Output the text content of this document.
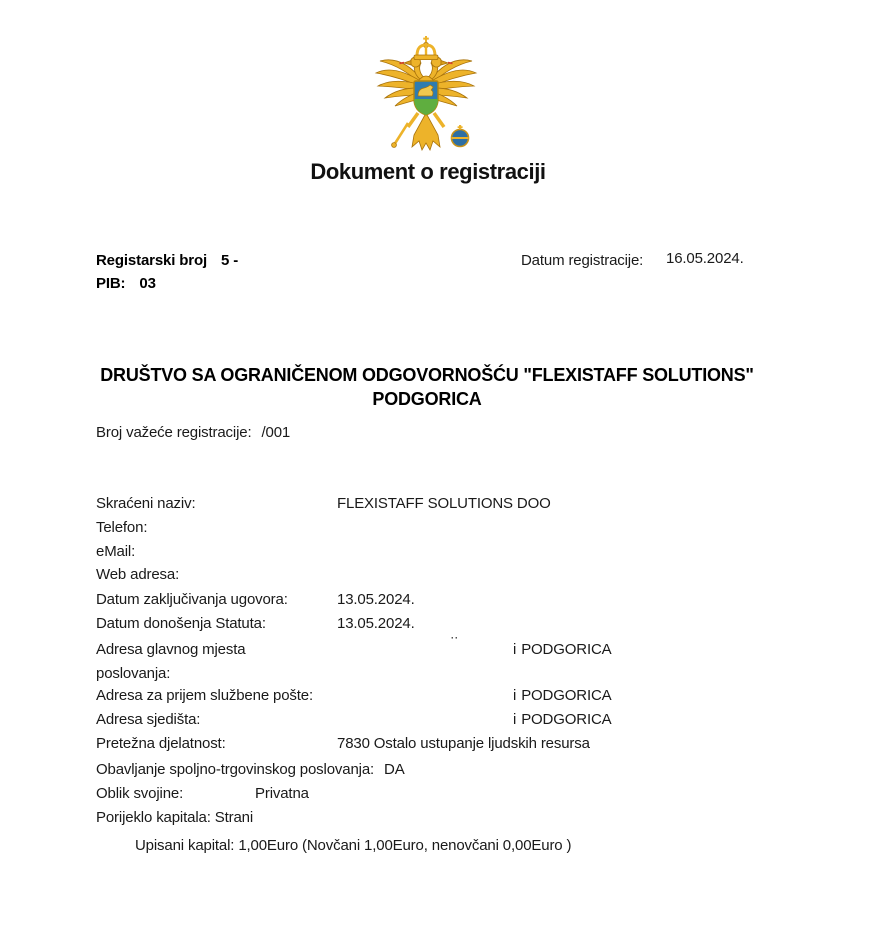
Dokument o registraciji
Registarski broj 5 -
PIB: 03
Datum registracije: 16.05.2024.
DRUŠTVO SA OGRANIČENOM ODGOVORNOŠĆU "FLEXISTAFF SOLUTIONS"
PODGORICA
Broj važeće registracije: /001
Skraćeni naziv:	FLEXISTAFF SOLUTIONS DOO
Telefon:
eMail:
Web adresa:
Datum zaključivanja ugovora:	13.05.2024.
Datum donošenja Statuta:	13.05.2024.
··
Adresa glavnog mjesta	i PODGORICA
poslovanja:
Adresa za prijem službene pošte:	i PODGORICA
Adresa sjedišta:	i PODGORICA
Pretežna djelatnost:	7830 Ostalo ustupanje ljudskih resursa
Obavljanje spoljno-trgovinskog poslovanja: DA
Oblik svojine:	Privatna
Porijeklo kapitala: Strani
Upisani kapital: 1,00Euro (Novčani 1,00Euro, nenovčani 0,00Euro )
